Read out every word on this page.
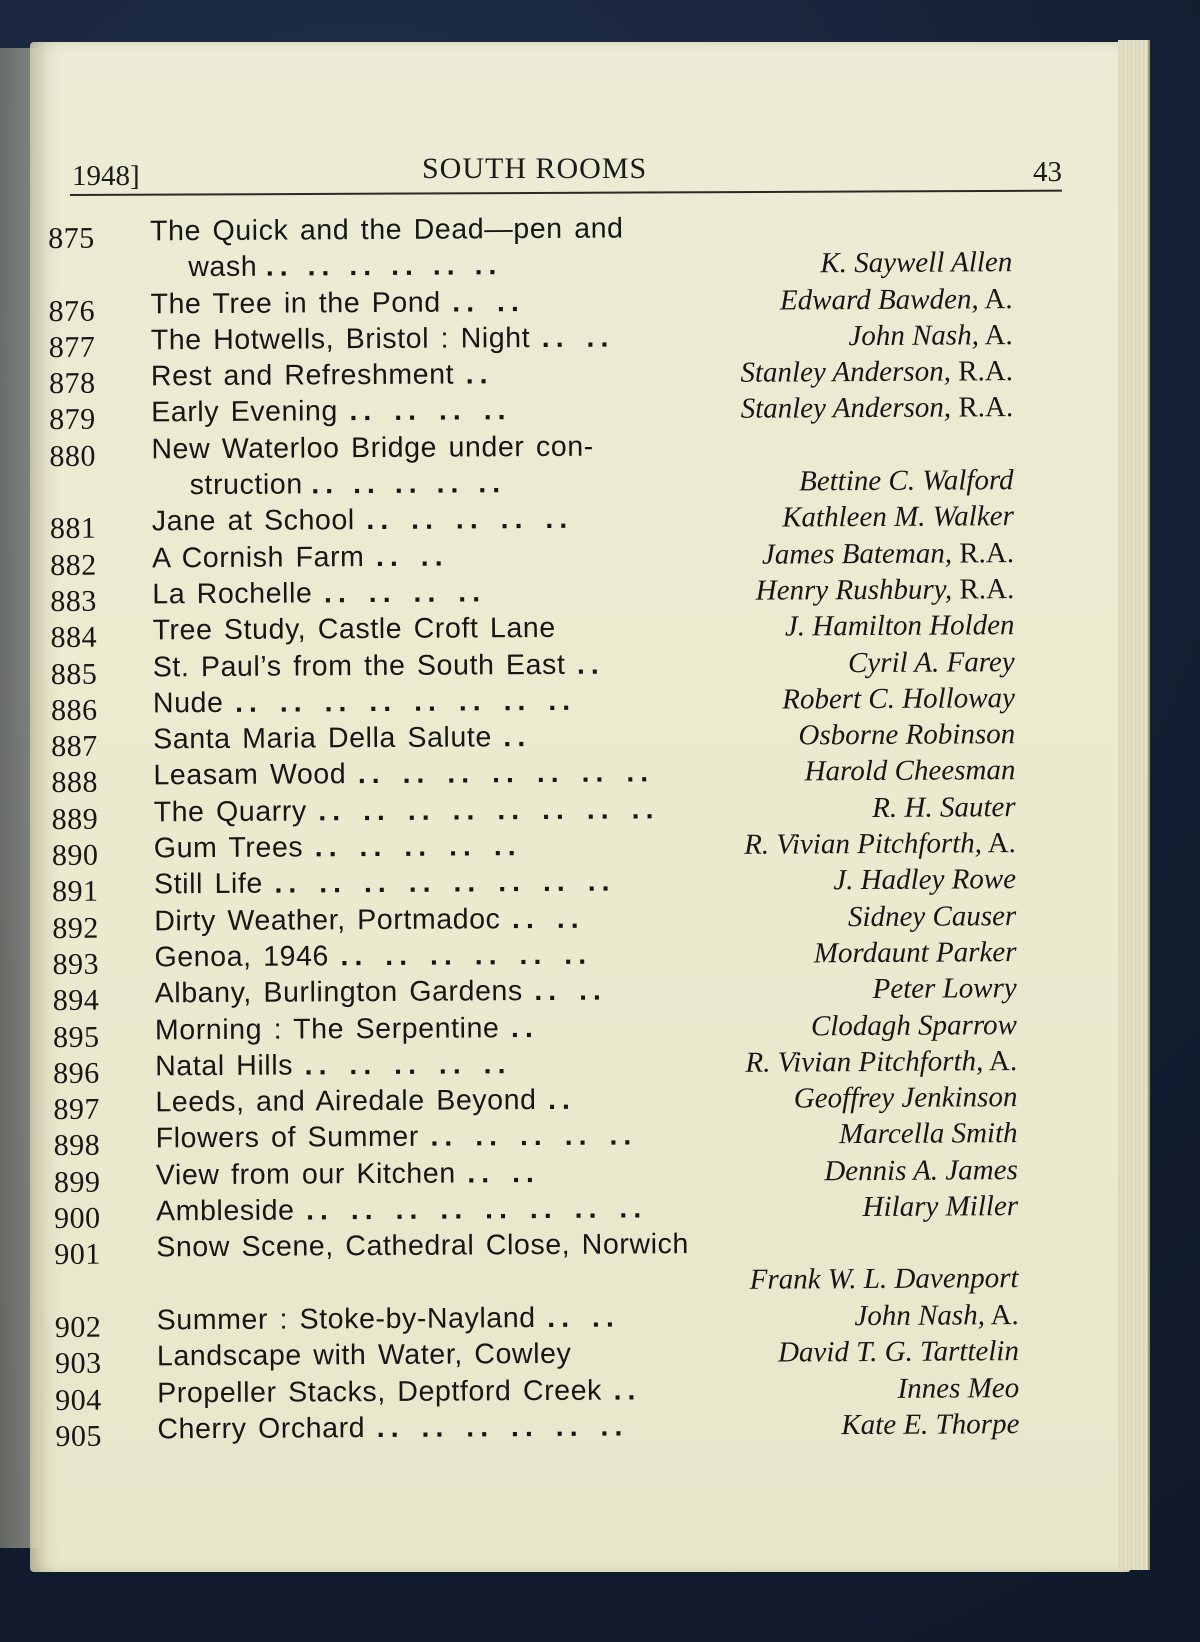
1948]	SOUTH ROOMS	43
875	The Quick and the Dead—pen and
wash .. .. .. .. .. ..	K. Saywell Allen
876	The Tree in the Pond .. ..	Edward Bawden, A.
877	The Hotwells, Bristol : Night .. ..	John Nash, A.
878	Rest and Refreshment ..	Stanley Anderson, R.A.
879	Early Evening .. .. .. ..	Stanley Anderson, R.A.
880	New Waterloo Bridge under con-
struction .. .. .. .. ..	Bettine C. Walford
881	Jane at School .. .. .. .. ..	Kathleen M. Walker
882	A Cornish Farm .. ..	James Bateman, R.A.
883	La Rochelle .. .. .. ..	Henry Rushbury, R.A.
884	Tree Study, Castle Croft Lane	J. Hamilton Holden
885	St. Paul’s from the South East ..	Cyril A. Farey
886	Nude .. .. .. .. .. .. .. ..	Robert C. Holloway
887	Santa Maria Della Salute ..	Osborne Robinson
888	Leasam Wood .. .. .. .. .. .. ..	Harold Cheesman
889	The Quarry .. .. .. .. .. .. .. ..	R. H. Sauter
890	Gum Trees .. .. .. .. ..	R. Vivian Pitchforth, A.
891	Still Life .. .. .. .. .. .. .. ..	J. Hadley Rowe
892	Dirty Weather, Portmadoc .. ..	Sidney Causer
893	Genoa, 1946 .. .. .. .. .. ..	Mordaunt Parker
894	Albany, Burlington Gardens .. ..	Peter Lowry
895	Morning : The Serpentine ..	Clodagh Sparrow
896	Natal Hills .. .. .. .. ..	R. Vivian Pitchforth, A.
897	Leeds, and Airedale Beyond ..	Geoffrey Jenkinson
898	Flowers of Summer .. .. .. .. ..	Marcella Smith
899	View from our Kitchen .. ..	Dennis A. James
900	Ambleside .. .. .. .. .. .. .. ..	Hilary Miller
901	Snow Scene, Cathedral Close, Norwich
Frank W. L. Davenport
902	Summer : Stoke-by-Nayland .. ..	John Nash, A.
903	Landscape with Water, Cowley	David T. G. Tarttelin
904	Propeller Stacks, Deptford Creek ..	Innes Meo
905	Cherry Orchard .. .. .. .. .. ..	Kate E. Thorpe
